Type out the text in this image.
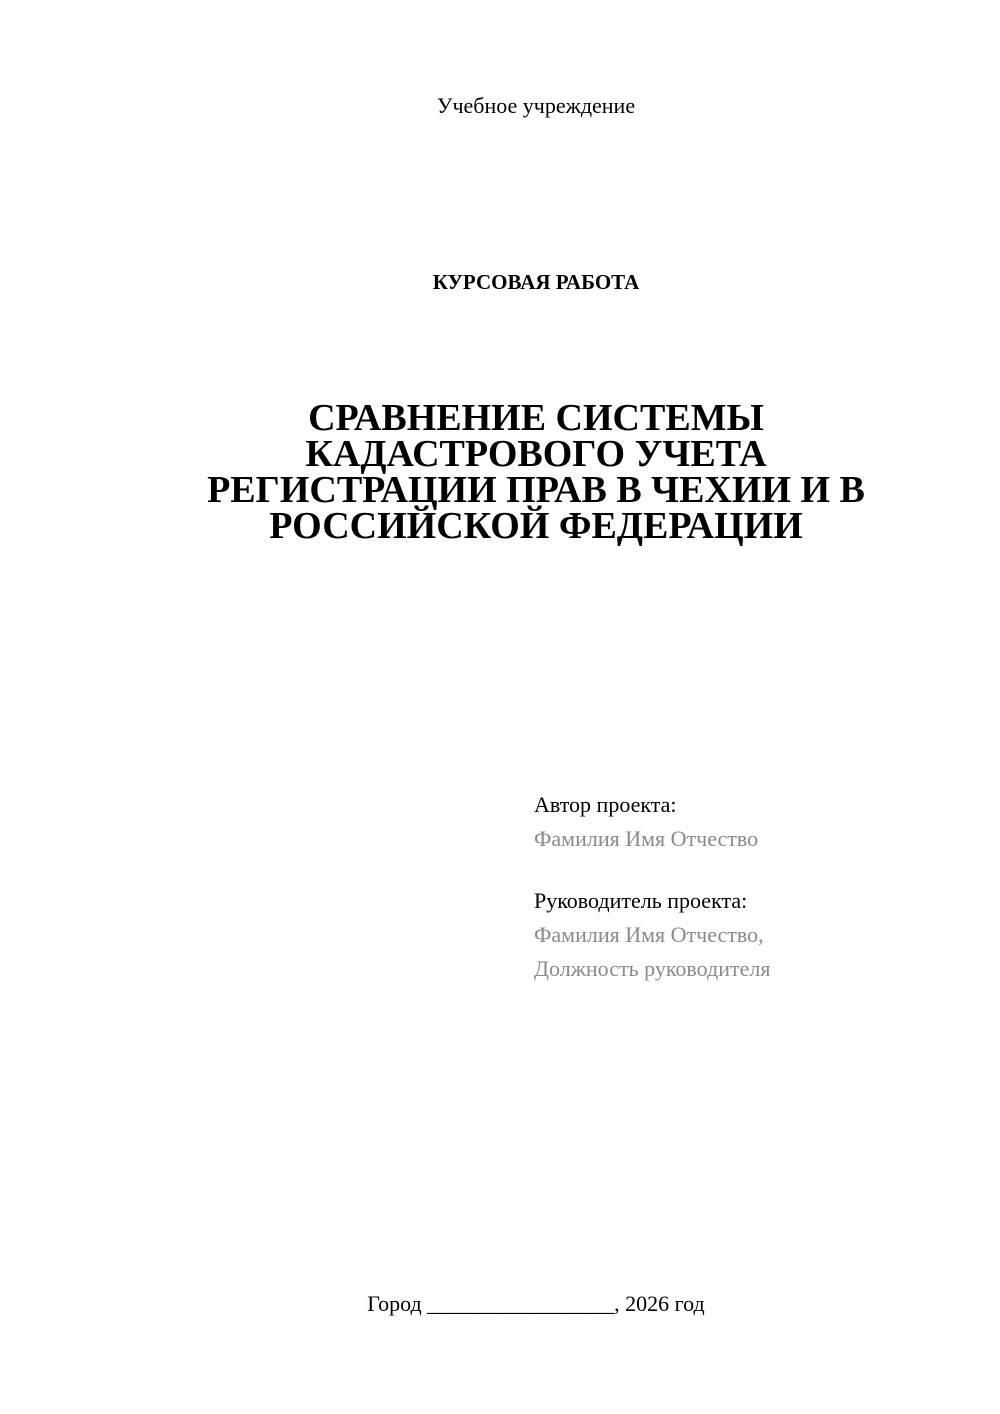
Учебное учреждение
КУРСОВАЯ РАБОТА
СРАВНЕНИЕ СИСТЕМЫ
КАДАСТРОВОГО УЧЕТА
РЕГИСТРАЦИИ ПРАВ В ЧЕХИИ И В
РОССИЙСКОЙ ФЕДЕРАЦИИ
Автор проекта:
Фамилия Имя Отчество
Руководитель проекта:
Фамилия Имя Отчество,
Должность руководителя
Город _________________, 2026 год
